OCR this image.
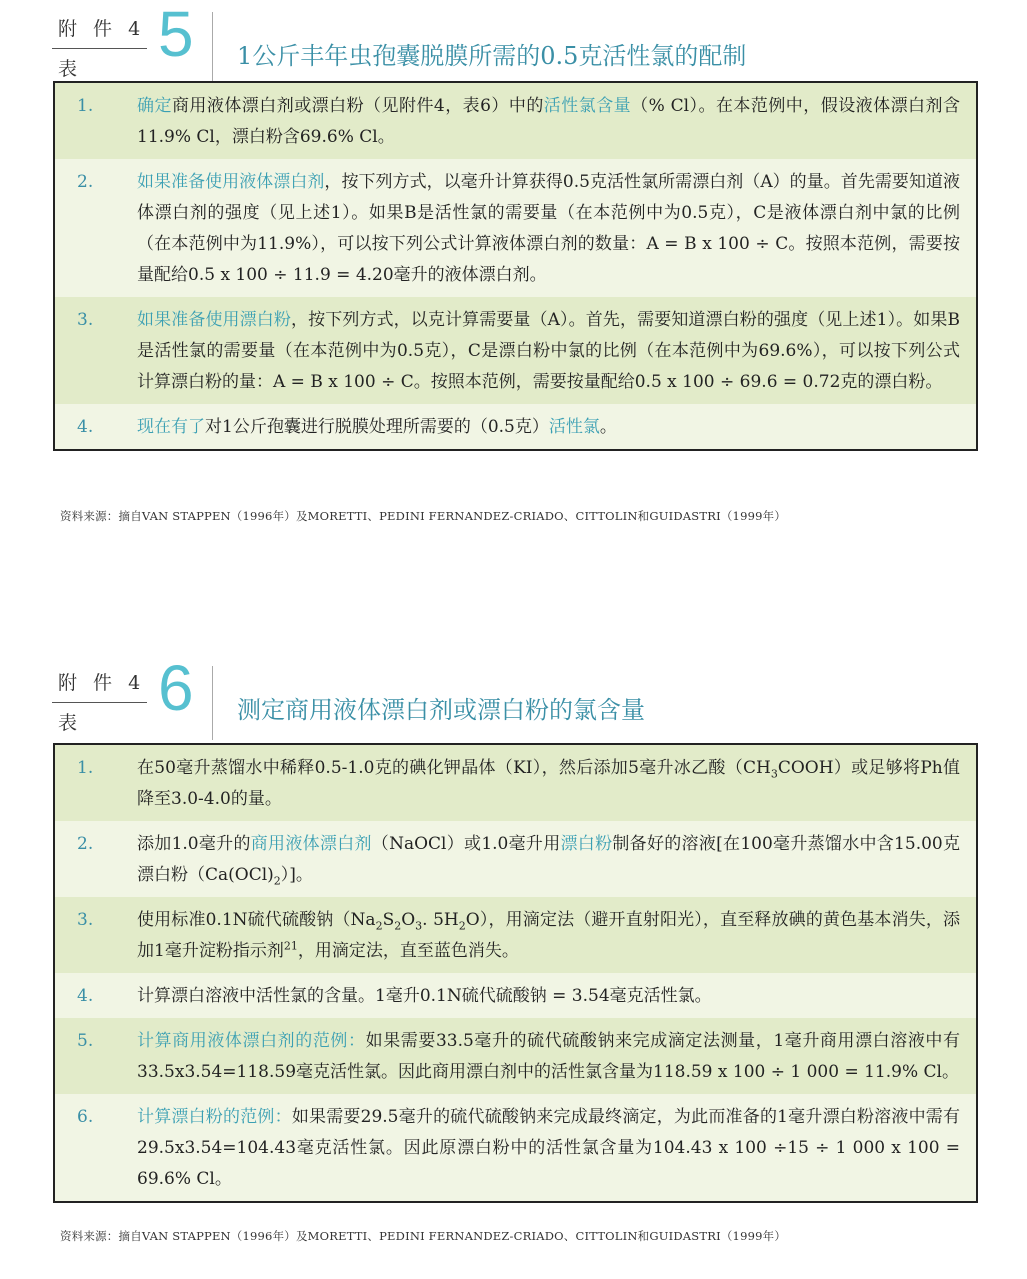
附 件 4
表 5 1公斤丰年虫孢囊脱膜所需的0.5克活性氯的配制
1.	确定商用液体漂白剂或漂白粉（见附件4，表6）中的活性氯含量（% Cl）。在本范例中，假设液体漂白剂含11.9% Cl，漂白粉含69.6% Cl。
2.	如果准备使用液体漂白剂，按下列方式，以毫升计算获得0.5克活性氯所需漂白剂（A）的量。首先需要知道液体漂白剂的强度（见上述1）。如果B是活性氯的需要量（在本范例中为0.5克），C是液体漂白剂中氯的比例（在本范例中为11.9%），可以按下列公式计算液体漂白剂的数量：A = B x 100 ÷ C。按照本范例，需要按量配给0.5 x 100 ÷ 11.9 = 4.20毫升的液体漂白剂。
3.	如果准备使用漂白粉，按下列方式，以克计算需要量（A）。首先，需要知道漂白粉的强度（见上述1）。如果B是活性氯的需要量（在本范例中为0.5克），C是漂白粉中氯的比例（在本范例中为69.6%），可以按下列公式计算漂白粉的量：A = B x 100 ÷ C。按照本范例，需要按量配给0.5 x 100 ÷ 69.6 = 0.72克的漂白粉。
4.	现在有了对1公斤孢囊进行脱膜处理所需要的（0.5克）活性氯。
资料来源：摘自VAN STAPPEN（1996年）及MORETTI、PEDINI FERNANDEZ-CRIADO、CITTOLIN和GUIDASTRI（1999年）
附 件 4
表 6 测定商用液体漂白剂或漂白粉的氯含量
1.	在50毫升蒸馏水中稀释0.5-1.0克的碘化钾晶体（KI），然后添加5毫升冰乙酸$(CH_3COOH)$或足够将Ph值降至3.0-4.0的量。
2.	添加1.0毫升的商用液体漂白剂（NaOCl）或1.0毫升用漂白粉制备好的溶液[在100毫升蒸馏水中含15.00克漂白粉$(Ca(OCl)_2)$]。
3.	使用标准0.1N硫代硫酸钠（$Na_2S_2O_3$. $5H_2O$），用滴定法（避开直射阳光），直至释放碘的黄色基本消失，添加1毫升淀粉指示剂$^{21}$，用滴定法，直至蓝色消失。
4.	计算漂白溶液中活性氯的含量。1毫升0.1N硫代硫酸钠 = 3.54毫克活性氯。
5.	计算商用液体漂白剂的范例：如果需要33.5毫升的硫代硫酸钠来完成滴定法测量，1毫升商用漂白溶液中有33.5x3.54=118.59毫克活性氯。因此商用漂白剂中的活性氯含量为118.59 x 100 ÷ 1 000 = 11.9% Cl。
6.	计算漂白粉的范例：如果需要29.5毫升的硫代硫酸钠来完成最终滴定，为此而准备的1毫升漂白粉溶液中需有29.5x3.54=104.43毫克活性氯。因此原漂白粉中的活性氯含量为104.43 x 100 ÷15 ÷ 1 000 x 100 = 69.6% Cl。
资料来源：摘自VAN STAPPEN（1996年）及MORETTI、PEDINI FERNANDEZ-CRIADO、CITTOLIN和GUIDASTRI（1999年）
